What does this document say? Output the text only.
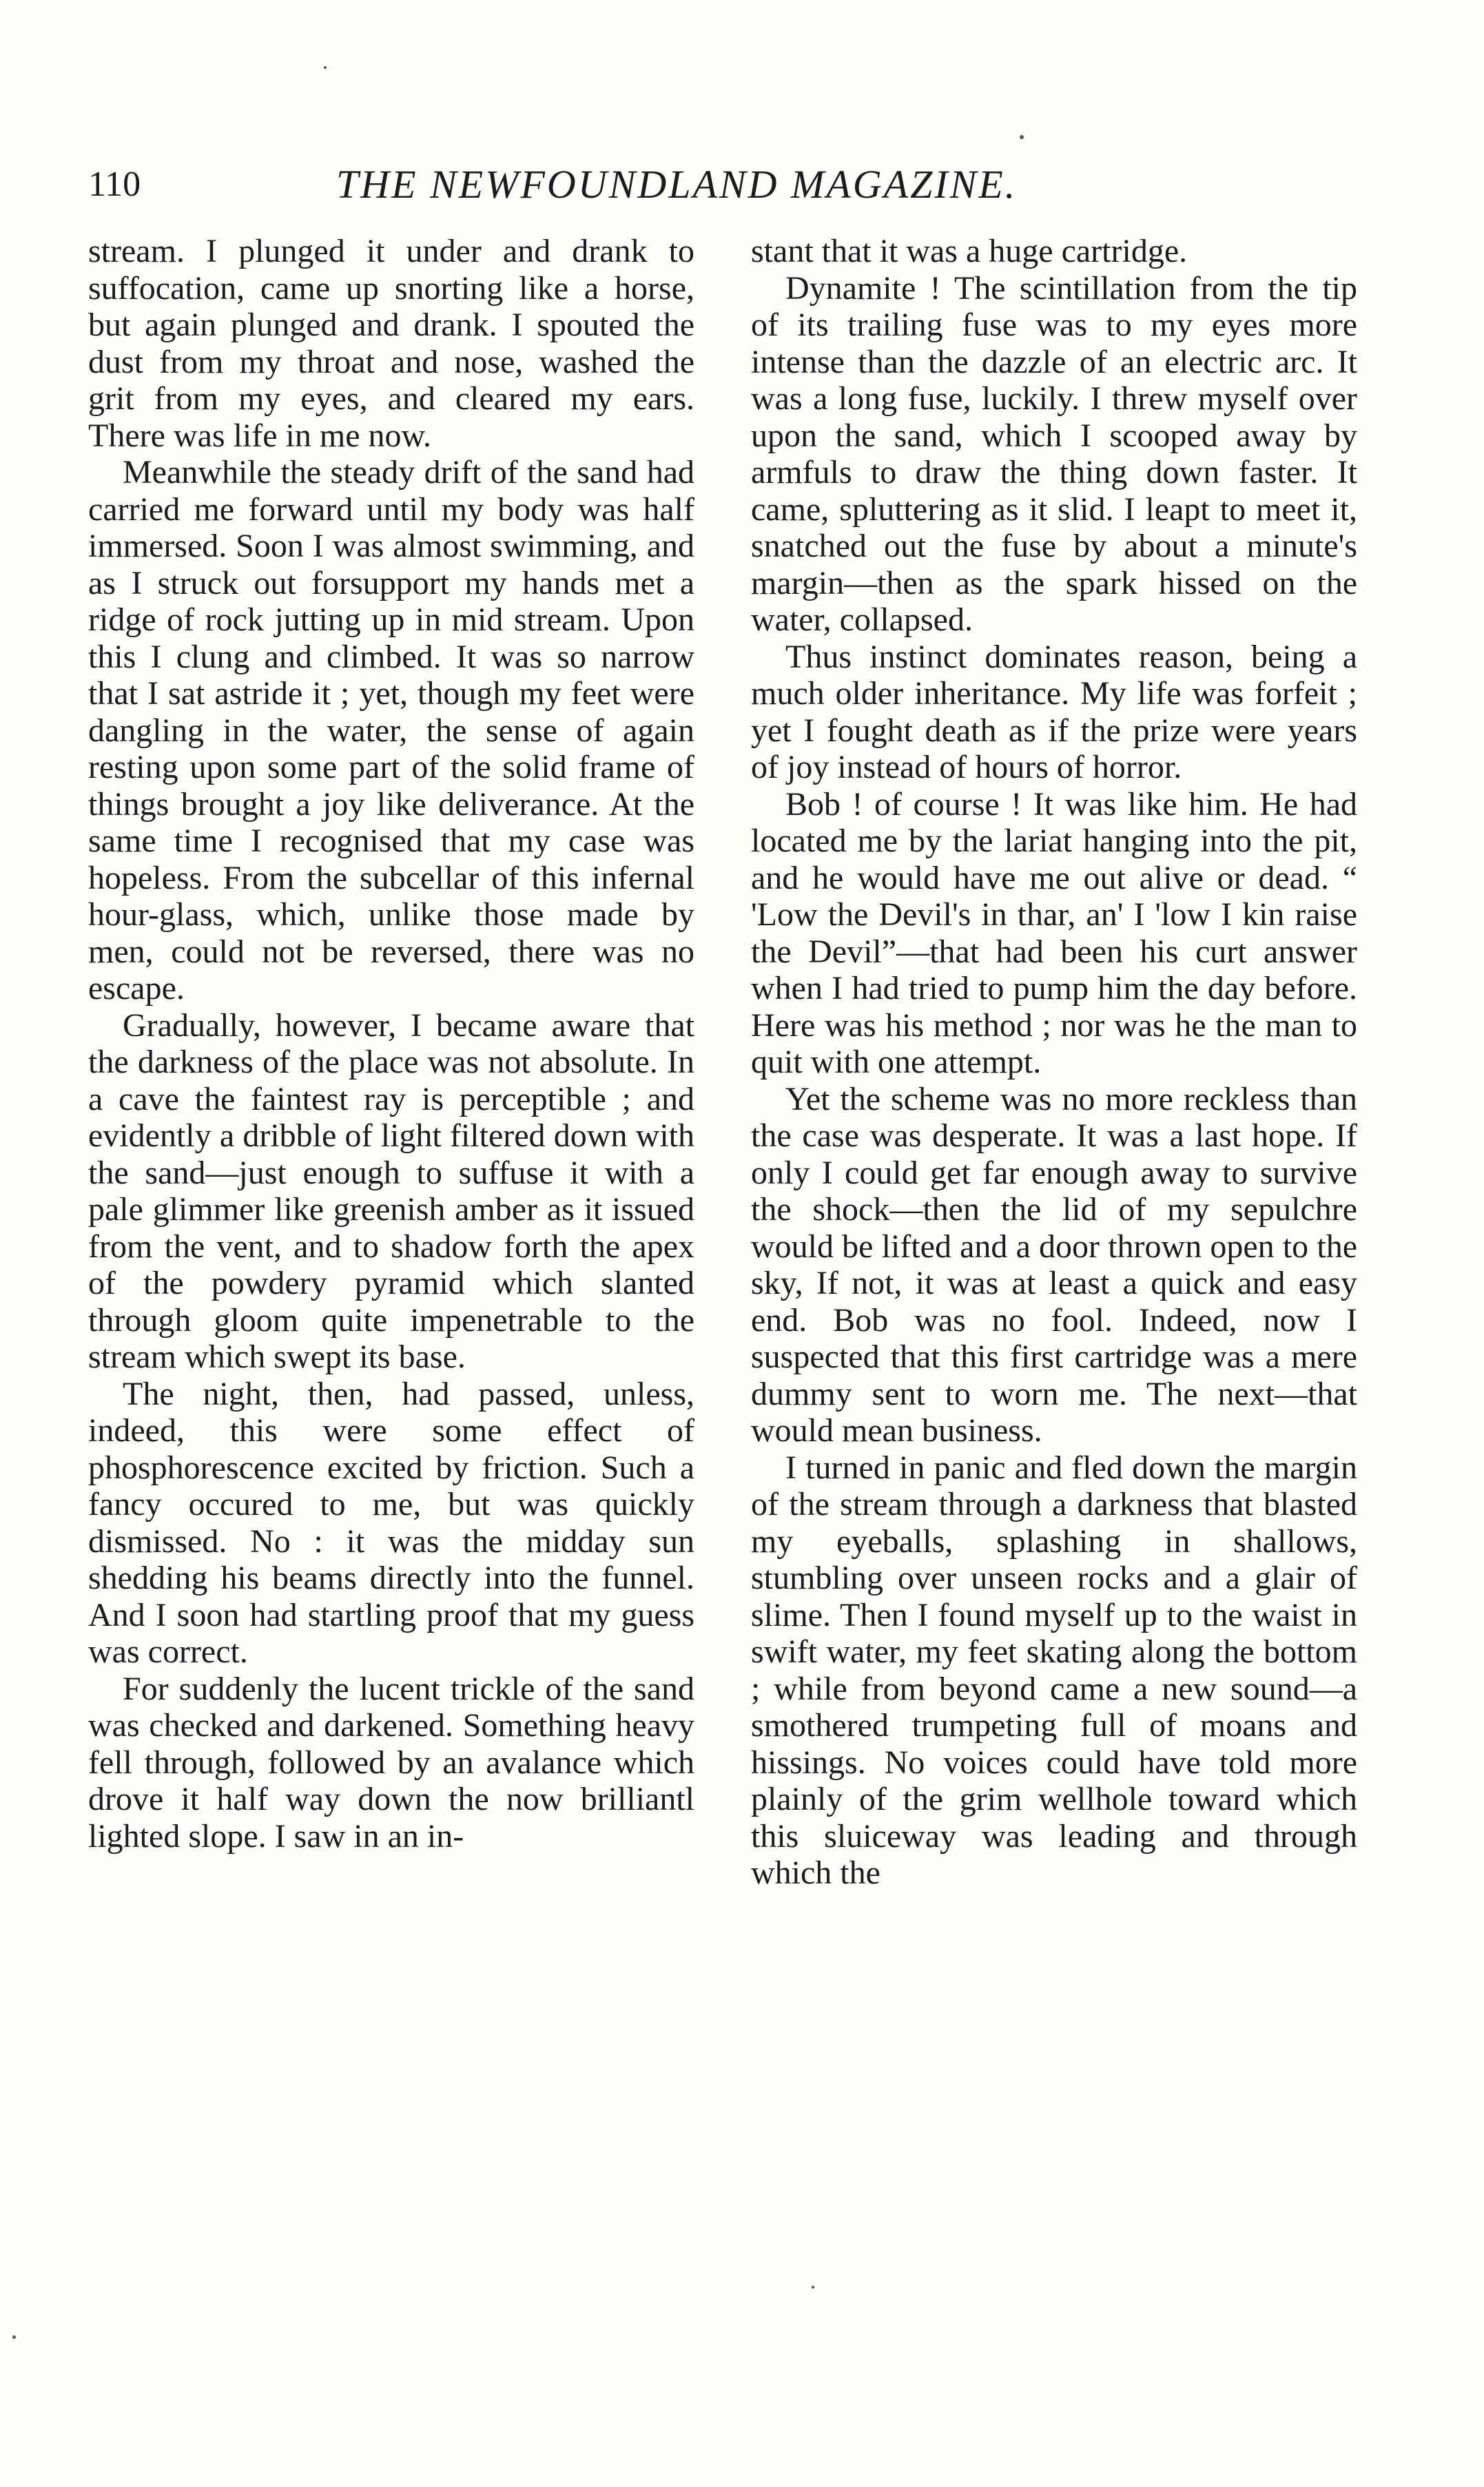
110	THE NEWFOUNDLAND MAGAZINE.

stream. I plunged it under and drank to suffocation, came up snorting like a horse, but again plunged and drank. I spouted the dust from my throat and nose, washed the grit from my eyes, and cleared my ears. There was life in me now.

Meanwhile the steady drift of the sand had carried me forward until my body was half immersed. Soon I was almost swimming, and as I struck out forsupport my hands met a ridge of rock jutting up in mid stream. Upon this I clung and climbed. It was so narrow that I sat astride it ; yet, though my feet were dangling in the water, the sense of again resting upon some part of the solid frame of things brought a joy like deliverance. At the same time I recognised that my case was hopeless. From the subcellar of this infernal hour-glass, which, unlike those made by men, could not be reversed, there was no escape.

Gradually, however, I became aware that the darkness of the place was not absolute. In a cave the faintest ray is perceptible ; and evidently a dribble of light filtered down with the sand—just enough to suffuse it with a pale glimmer like greenish amber as it issued from the vent, and to shadow forth the apex of the powdery pyramid which slanted through gloom quite impenetrable to the stream which swept its base.

The night, then, had passed, unless, indeed, this were some effect of phosphorescence excited by friction. Such a fancy occured to me, but was quickly dismissed. No : it was the midday sun shedding his beams directly into the funnel. And I soon had startling proof that my guess was correct.

For suddenly the lucent trickle of the sand was checked and darkened. Something heavy fell through, followed by an avalance which drove it half way down the now brilliantl lighted slope. I saw in an in-

stant that it was a huge cartridge.

Dynamite ! The scintillation from the tip of its trailing fuse was to my eyes more intense than the dazzle of an electric arc. It was a long fuse, luckily. I threw myself over upon the sand, which I scooped away by armfuls to draw the thing down faster. It came, spluttering as it slid. I leapt to meet it, snatched out the fuse by about a minute's margin—then as the spark hissed on the water, collapsed.

Thus instinct dominates reason, being a much older inheritance. My life was forfeit ; yet I fought death as if the prize were years of joy instead of hours of horror.

Bob ! of course ! It was like him. He had located me by the lariat hanging into the pit, and he would have me out alive or dead. “ 'Low the Devil's in thar, an' I 'low I kin raise the Devil”—that had been his curt answer when I had tried to pump him the day before. Here was his method ; nor was he the man to quit with one attempt.

Yet the scheme was no more reckless than the case was desperate. It was a last hope. If only I could get far enough away to survive the shock—then the lid of my sepulchre would be lifted and a door thrown open to the sky, If not, it was at least a quick and easy end. Bob was no fool. Indeed, now I suspected that this first cartridge was a mere dummy sent to worn me. The next—that would mean business.

I turned in panic and fled down the margin of the stream through a darkness that blasted my eyeballs, splashing in shallows, stumbling over unseen rocks and a glair of slime. Then I found myself up to the waist in swift water, my feet skating along the bottom ; while from beyond came a new sound—a smothered trumpeting full of moans and hissings. No voices could have told more plainly of the grim wellhole toward which this sluiceway was leading and through which the
